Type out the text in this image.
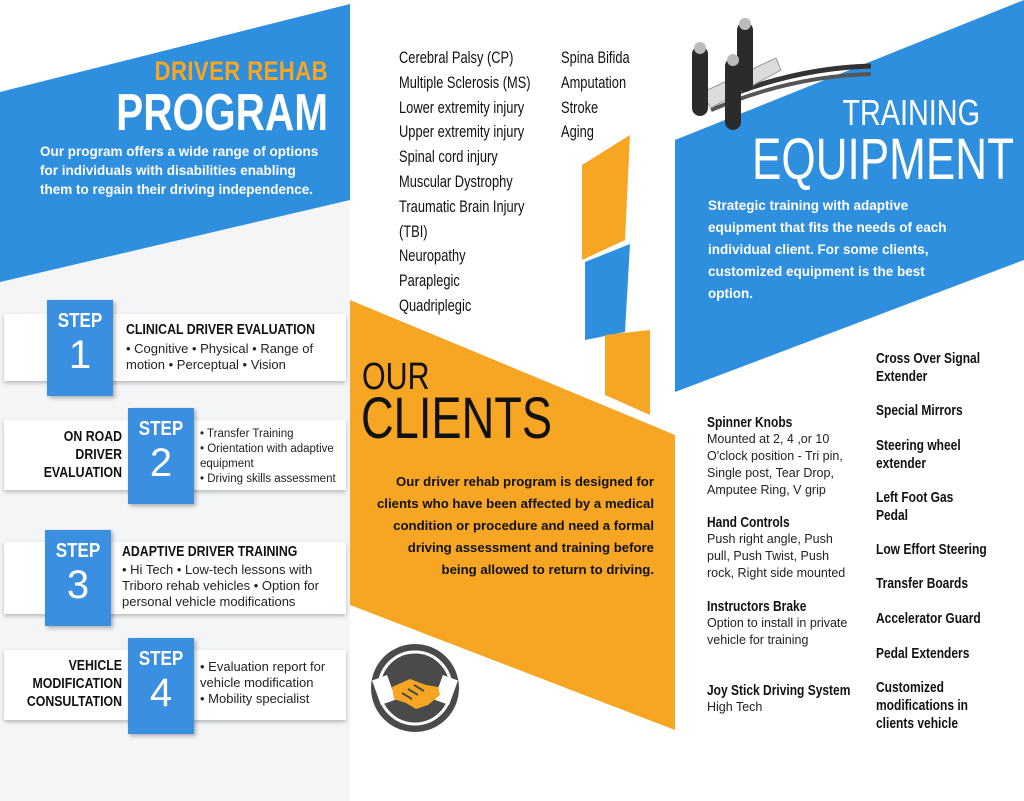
DRIVER REHAB
PROGRAM
Our program offers a wide range of options for individuals with disabilities enabling them to regain their driving independence.
STEP
1
CLINICAL DRIVER EVALUATION
• Cognitive • Physical • Range of motion • Perceptual • Vision
STEP
2
ON ROAD DRIVER EVALUATION
• Transfer Training
• Orientation with adaptive equipment
• Driving skills assessment
STEP
3
ADAPTIVE DRIVER TRAINING
• Hi Tech • Low-tech lessons with Triboro rehab vehicles • Option for personal vehicle modifications
STEP
4
VEHICLE MODIFICATION CONSULTATION
• Evaluation report for vehicle modification
• Mobility specialist
Cerebral Palsy (CP)
Multiple Sclerosis (MS)
Lower extremity injury
Upper extremity injury
Spinal cord injury
Muscular Dystrophy
Traumatic Brain Injury
(TBI)
Neuropathy
Paraplegic
Quadriplegic
Spina Bifida
Amputation
Stroke
Aging
OUR
CLIENTS
Our driver rehab program is designed for clients who have been affected by a medical condition or procedure and need a formal driving assessment and training before being allowed to return to driving.
TRAINING
EQUIPMENT
Strategic training with adaptive equipment that fits the needs of each individual client. For some clients, customized equipment is the best option.
Spinner Knobs
Mounted at 2, 4 ,or 10 O'clock position - Tri pin, Single post, Tear Drop, Amputee Ring, V grip
Hand Controls
Push right angle, Push pull, Push Twist, Push rock, Right side mounted
Instructors Brake
Option to install in private vehicle for training
Joy Stick Driving System
High Tech
Cross Over Signal
Extender
Special Mirrors
Steering wheel
extender
Left Foot Gas
Pedal
Low Effort Steering
Transfer Boards
Accelerator Guard
Pedal Extenders
Customized
modifications in
clients vehicle
